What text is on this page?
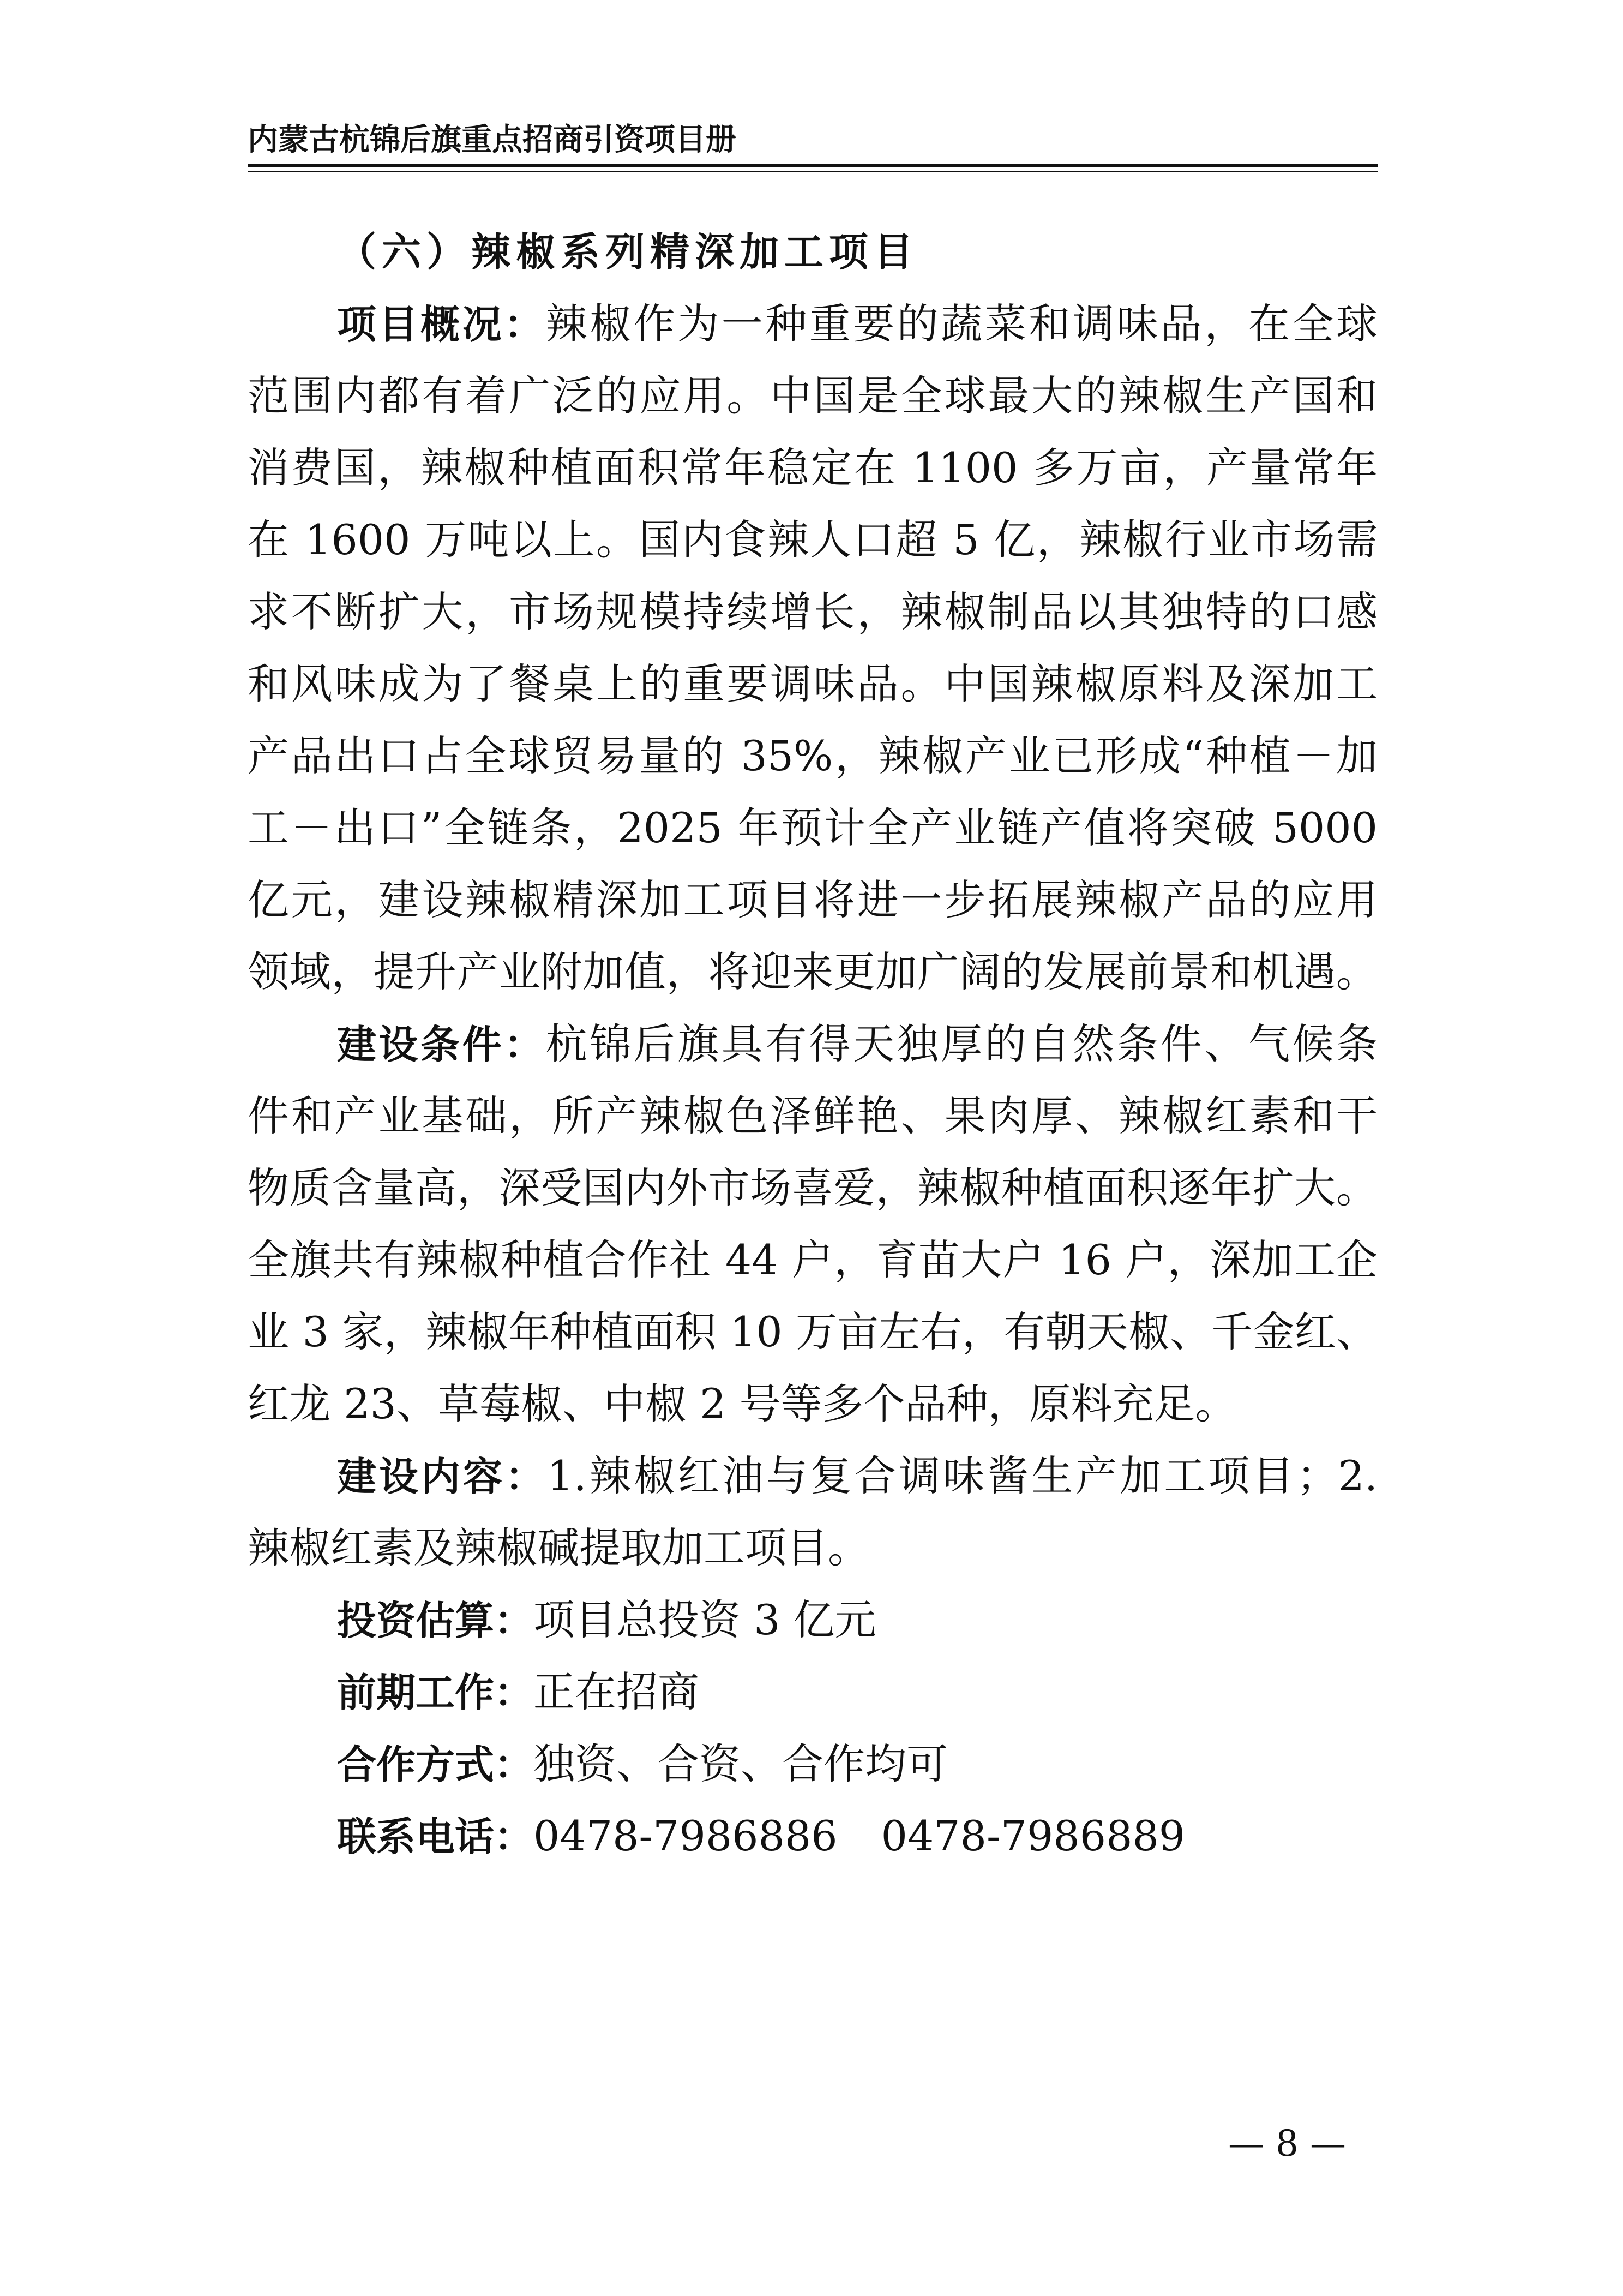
内蒙古杭锦后旗重点招商引资项目册
（六）辣椒系列精深加工项目
项目概况：辣椒作为一种重要的蔬菜和调味品，在全球
范围内都有着广泛的应用。中国是全球最大的辣椒生产国和
消费国，辣椒种植面积常年稳定在 1100 多万亩，产量常年
在 1600 万吨以上。国内食辣人口超 5 亿，辣椒行业市场需
求不断扩大，市场规模持续增长，辣椒制品以其独特的口感
和风味成为了餐桌上的重要调味品。中国辣椒原料及深加工
产品出口占全球贸易量的 35%，辣椒产业已形成“种植－加
工－出口”全链条，2025 年预计全产业链产值将突破 5000
亿元，建设辣椒精深加工项目将进一步拓展辣椒产品的应用
领域，提升产业附加值，将迎来更加广阔的发展前景和机遇。
建设条件：杭锦后旗具有得天独厚的自然条件、气候条
件和产业基础，所产辣椒色泽鲜艳、果肉厚、辣椒红素和干
物质含量高，深受国内外市场喜爱，辣椒种植面积逐年扩大。
全旗共有辣椒种植合作社 44 户，育苗大户 16 户，深加工企
业 3 家，辣椒年种植面积 10 万亩左右，有朝天椒、千金红、
红龙 23、草莓椒、中椒 2 号等多个品种，原料充足。
建设内容：1.辣椒红油与复合调味酱生产加工项目；2.
辣椒红素及辣椒碱提取加工项目。
投资估算：项目总投资 3 亿元
前期工作：正在招商
合作方式：独资、合资、合作均可
联系电话：0478-7986886 0478-7986889
— 8 —
